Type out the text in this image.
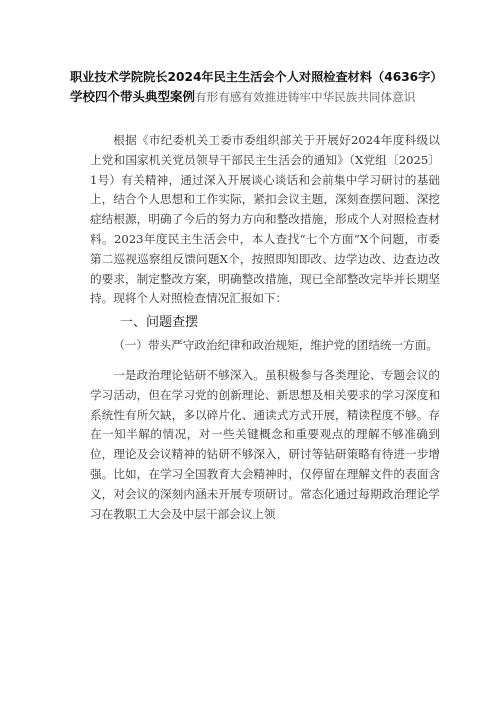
职业技术学院院长2024年民主生活会个人对照检查材料（4636字）
学校四个带头典型案例有形有感有效推进铸牢中华民族共同体意识

根据《市纪委机关工委市委组织部关于开展好2024年度科级以上党和国家机关党员领导干部民主生活会的通知》（X党组〔2025〕1号）有关精神，通过深入开展谈心谈话和会前集中学习研讨的基础上，结合个人思想和工作实际，紧扣会议主题，深刻查摆问题、深挖症结根源，明确了今后的努力方向和整改措施，形成个人对照检查材料。2023年度民主生活会中，本人查找“七个方面”X个问题，市委第二巡视巡察组反馈问题X个，按照即知即改、边学边改、边查边改的要求，制定整改方案，明确整改措施，现已全部整改完毕并长期坚持。现将个人对照检查情况汇报如下：

一、问题查摆

（一）带头严守政治纪律和政治规矩，维护党的团结统一方面。

一是政治理论钻研不够深入。虽积极参与各类理论、专题会议的学习活动，但在学习党的创新理论、新思想及相关要求的学习深度和系统性有所欠缺，多以碎片化、通读式方式开展，精读程度不够。存在一知半解的情况，对一些关键概念和重要观点的理解不够准确到位，理论及会议精神的钻研不够深入，研讨等钻研策略有待进一步增强。比如，在学习全国教育大会精神时，仅停留在理解文件的表面含义，对会议的深刻内涵未开展专项研讨。常态化通过每期政治理论学习在教职工大会及中层干部会议上领
